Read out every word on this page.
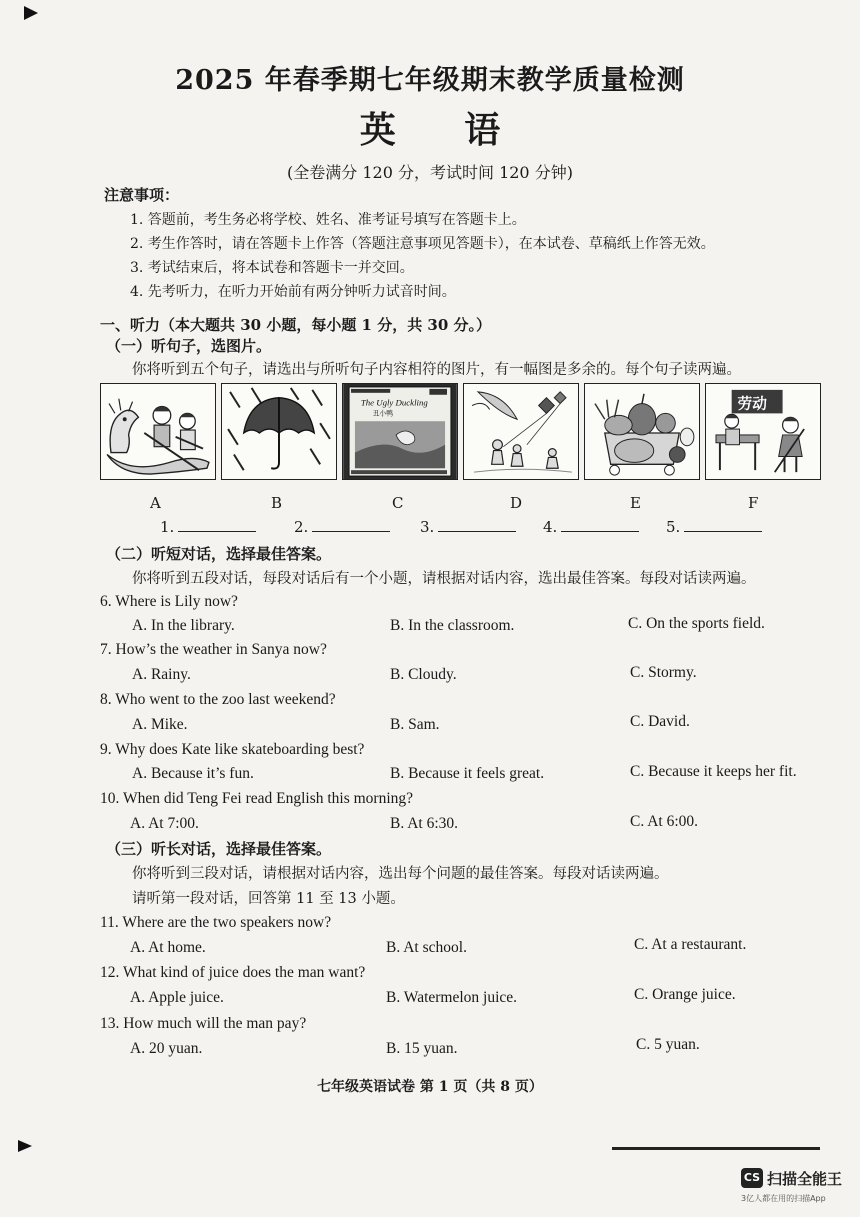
2025 年春季期七年级期末教学质量检测
英 语
(全卷满分 120 分，考试时间 120 分钟)
注意事项：
1. 答题前，考生务必将学校、姓名、准考证号填写在答题卡上。
2. 考生作答时，请在答题卡上作答（答题注意事项见答题卡），在本试卷、草稿纸上作答无效。
3. 考试结束后，将本试卷和答题卡一并交回。
4. 先考听力，在听力开始前有两分钟听力试音时间。
一、听力（本大题共 30 小题，每小题 1 分，共 30 分。）
（一）听句子，选图片。
你将听到五个句子，请选出与所听句子内容相符的图片，有一幅图是多余的。每个句子读两遍。
The Ugly Duckling
丑小鸭
劳动
A	B	C	D	E	F
1.	2.	3.	4.	5.
（二）听短对话，选择最佳答案。
你将听到五段对话，每段对话后有一个小题，请根据对话内容，选出最佳答案。每段对话读两遍。
6. Where is Lily now?
A. In the library.	B. In the classroom.	C. On the sports field.
7. How’s the weather in Sanya now?
A. Rainy.	B. Cloudy.	C. Stormy.
8. Who went to the zoo last weekend?
A. Mike.	B. Sam.	C. David.
9. Why does Kate like skateboarding best?
A. Because it’s fun.	B. Because it feels great.	C. Because it keeps her fit.
10. When did Teng Fei read English this morning?
A. At 7:00.	B. At 6:30.	C. At 6:00.
（三）听长对话，选择最佳答案。
你将听到三段对话，请根据对话内容，选出每个问题的最佳答案。每段对话读两遍。
请听第一段对话，回答第 11 至 13 小题。
11. Where are the two speakers now?
A. At home.	B. At school.	C. At a restaurant.
12. What kind of juice does the man want?
A. Apple juice.	B. Watermelon juice.	C. Orange juice.
13. How much will the man pay?
A. 20 yuan.	B. 15 yuan.	C. 5 yuan.
七年级英语试卷 第 1 页（共 8 页）
CS 扫描全能王
3亿人都在用的扫描App
